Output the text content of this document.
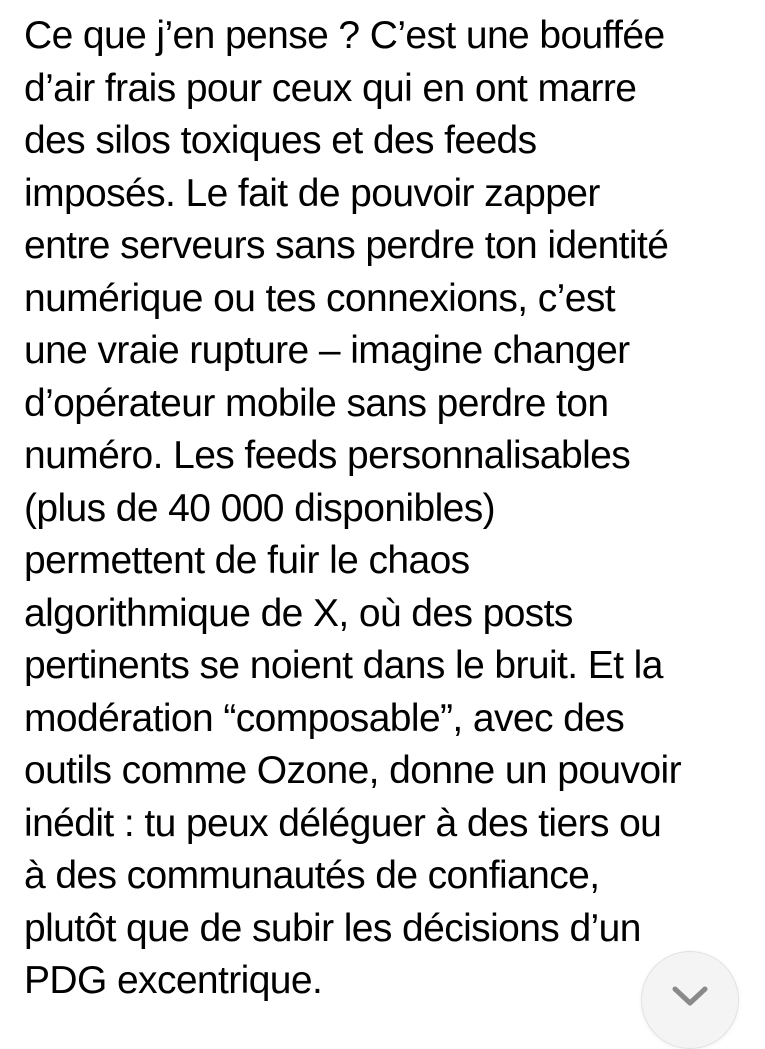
Ce que j’en pense ? C’est une bouffée
d’air frais pour ceux qui en ont marre
des silos toxiques et des feeds
imposés. Le fait de pouvoir zapper
entre serveurs sans perdre ton identité
numérique ou tes connexions, c’est
une vraie rupture – imagine changer
d’opérateur mobile sans perdre ton
numéro. Les feeds personnalisables
(plus de 40 000 disponibles)
permettent de fuir le chaos
algorithmique de X, où des posts
pertinents se noient dans le bruit. Et la
modération “composable”, avec des
outils comme Ozone, donne un pouvoir
inédit : tu peux déléguer à des tiers ou
à des communautés de confiance,
plutôt que de subir les décisions d’un
PDG excentrique.
